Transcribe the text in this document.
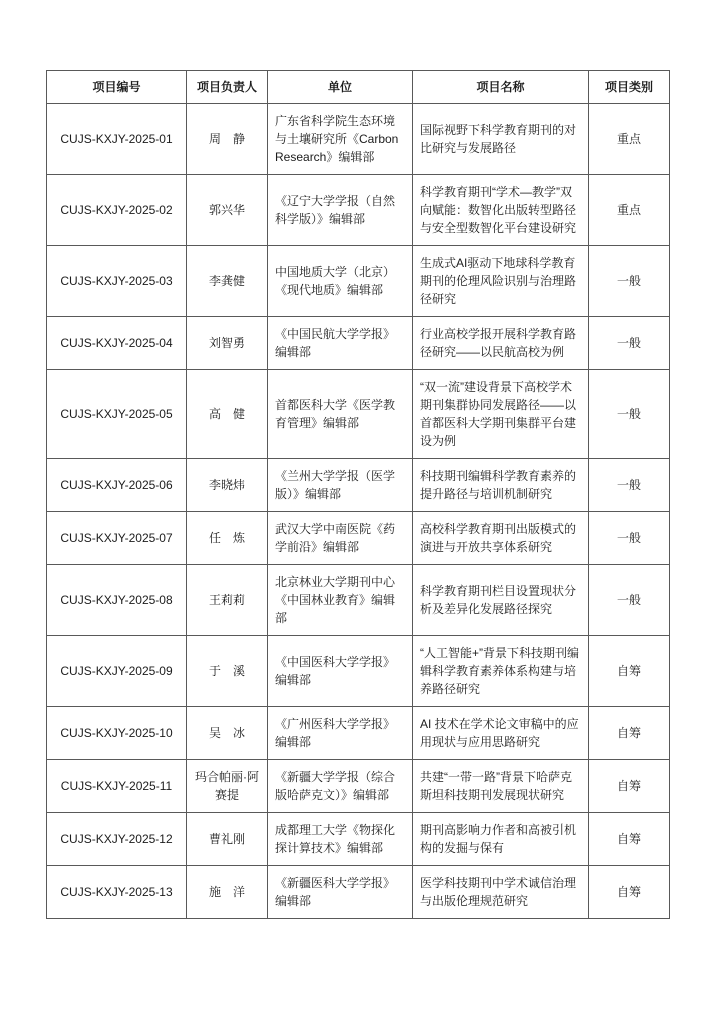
项目编号	项目负责人	单位	项目名称	项目类别
CUJS-KXJY-2025-01	周　静	广东省科学院生态环境与土壤研究所《Carbon Research》编辑部	国际视野下科学教育期刊的对比研究与发展路径	重点
CUJS-KXJY-2025-02	郭兴华	《辽宁大学学报（自然科学版）》编辑部	科学教育期刊“学术—教学”双向赋能：数智化出版转型路径与安全型数智化平台建设研究	重点
CUJS-KXJY-2025-03	李龚健	中国地质大学（北京）《现代地质》编辑部	生成式AI驱动下地球科学教育期刊的伦理风险识别与治理路径研究	一般
CUJS-KXJY-2025-04	刘智勇	《中国民航大学学报》编辑部	行业高校学报开展科学教育路径研究——以民航高校为例	一般
CUJS-KXJY-2025-05	高　健	首都医科大学《医学教育管理》编辑部	“双一流”建设背景下高校学术期刊集群协同发展路径——以首都医科大学期刊集群平台建设为例	一般
CUJS-KXJY-2025-06	李晓炜	《兰州大学学报（医学版）》编辑部	科技期刊编辑科学教育素养的提升路径与培训机制研究	一般
CUJS-KXJY-2025-07	任　炼	武汉大学中南医院《药学前沿》编辑部	高校科学教育期刊出版模式的演进与开放共享体系研究	一般
CUJS-KXJY-2025-08	王莉莉	北京林业大学期刊中心《中国林业教育》编辑部	科学教育期刊栏目设置现状分析及差异化发展路径探究	一般
CUJS-KXJY-2025-09	于　溪	《中国医科大学学报》编辑部	“人工智能+”背景下科技期刊编辑科学教育素养体系构建与培养路径研究	自筹
CUJS-KXJY-2025-10	吴　冰	《广州医科大学学报》编辑部	AI 技术在学术论文审稿中的应用现状与应用思路研究	自筹
CUJS-KXJY-2025-11	玛合帕丽·阿赛提	《新疆大学学报（综合版哈萨克文）》编辑部	共建“一带一路”背景下哈萨克斯坦科技期刊发展现状研究	自筹
CUJS-KXJY-2025-12	曹礼刚	成都理工大学《物探化探计算技术》编辑部	期刊高影响力作者和高被引机构的发掘与保有	自筹
CUJS-KXJY-2025-13	施　洋	《新疆医科大学学报》编辑部	医学科技期刊中学术诚信治理与出版伦理规范研究	自筹
